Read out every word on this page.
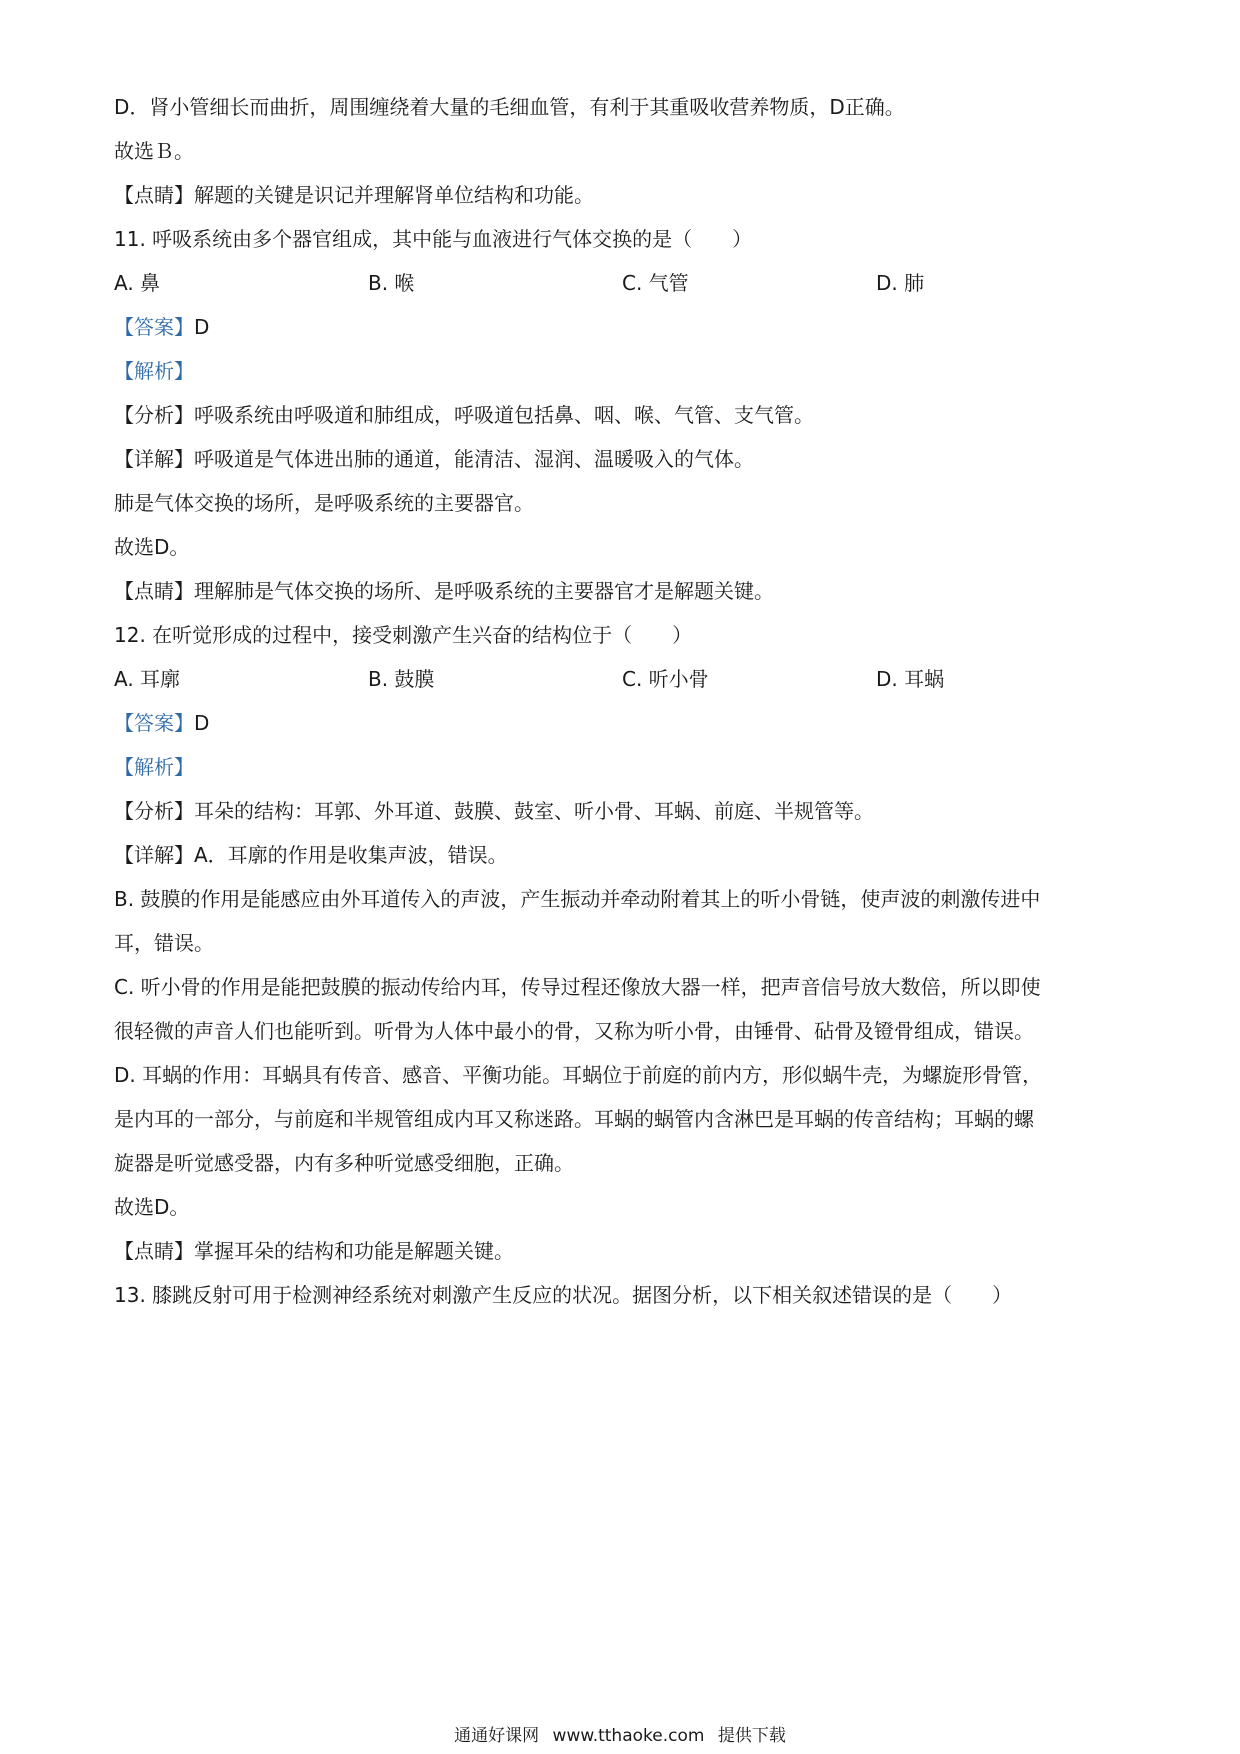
D．肾小管细长而曲折，周围缠绕着大量的毛细血管，有利于其重吸收营养物质，D正确。
故选Ｂ。
【点睛】解题的关键是识记并理解肾单位结构和功能。
11. 呼吸系统由多个器官组成，其中能与血液进行气体交换的是（　　）
A. 鼻	B. 喉	C. 气管	D. 肺
【答案】D
【解析】
【分析】呼吸系统由呼吸道和肺组成，呼吸道包括鼻、咽、喉、气管、支气管。
【详解】呼吸道是气体进出肺的通道，能清洁、湿润、温暖吸入的气体。
肺是气体交换的场所，是呼吸系统的主要器官。
故选D。
【点睛】理解肺是气体交换的场所、是呼吸系统的主要器官才是解题关键。
12. 在听觉形成的过程中，接受刺激产生兴奋的结构位于（　　）
A. 耳廓	B. 鼓膜	C. 听小骨	D. 耳蜗
【答案】D
【解析】
【分析】耳朵的结构：耳郭、外耳道、鼓膜、鼓室、听小骨、耳蜗、前庭、半规管等。
【详解】A．耳廓的作用是收集声波，错误。
B. 鼓膜的作用是能感应由外耳道传入的声波，产生振动并牵动附着其上的听小骨链，使声波的刺激传进中
耳，错误。
C. 听小骨的作用是能把鼓膜的振动传给内耳，传导过程还像放大器一样，把声音信号放大数倍，所以即使
很轻微的声音人们也能听到。听骨为人体中最小的骨，又称为听小骨，由锤骨、砧骨及镫骨组成，错误。
D. 耳蜗的作用：耳蜗具有传音、感音、平衡功能。耳蜗位于前庭的前内方，形似蜗牛壳，为螺旋形骨管，
是内耳的一部分，与前庭和半规管组成内耳又称迷路。耳蜗的蜗管内含淋巴是耳蜗的传音结构；耳蜗的螺
旋器是听觉感受器，内有多种听觉感受细胞，正确。
故选D。
【点睛】掌握耳朵的结构和功能是解题关键。
13. 膝跳反射可用于检测神经系统对刺激产生反应的状况。据图分析，以下相关叙述错误的是（　　）
通通好课网 www.tthaoke.com 提供下载
